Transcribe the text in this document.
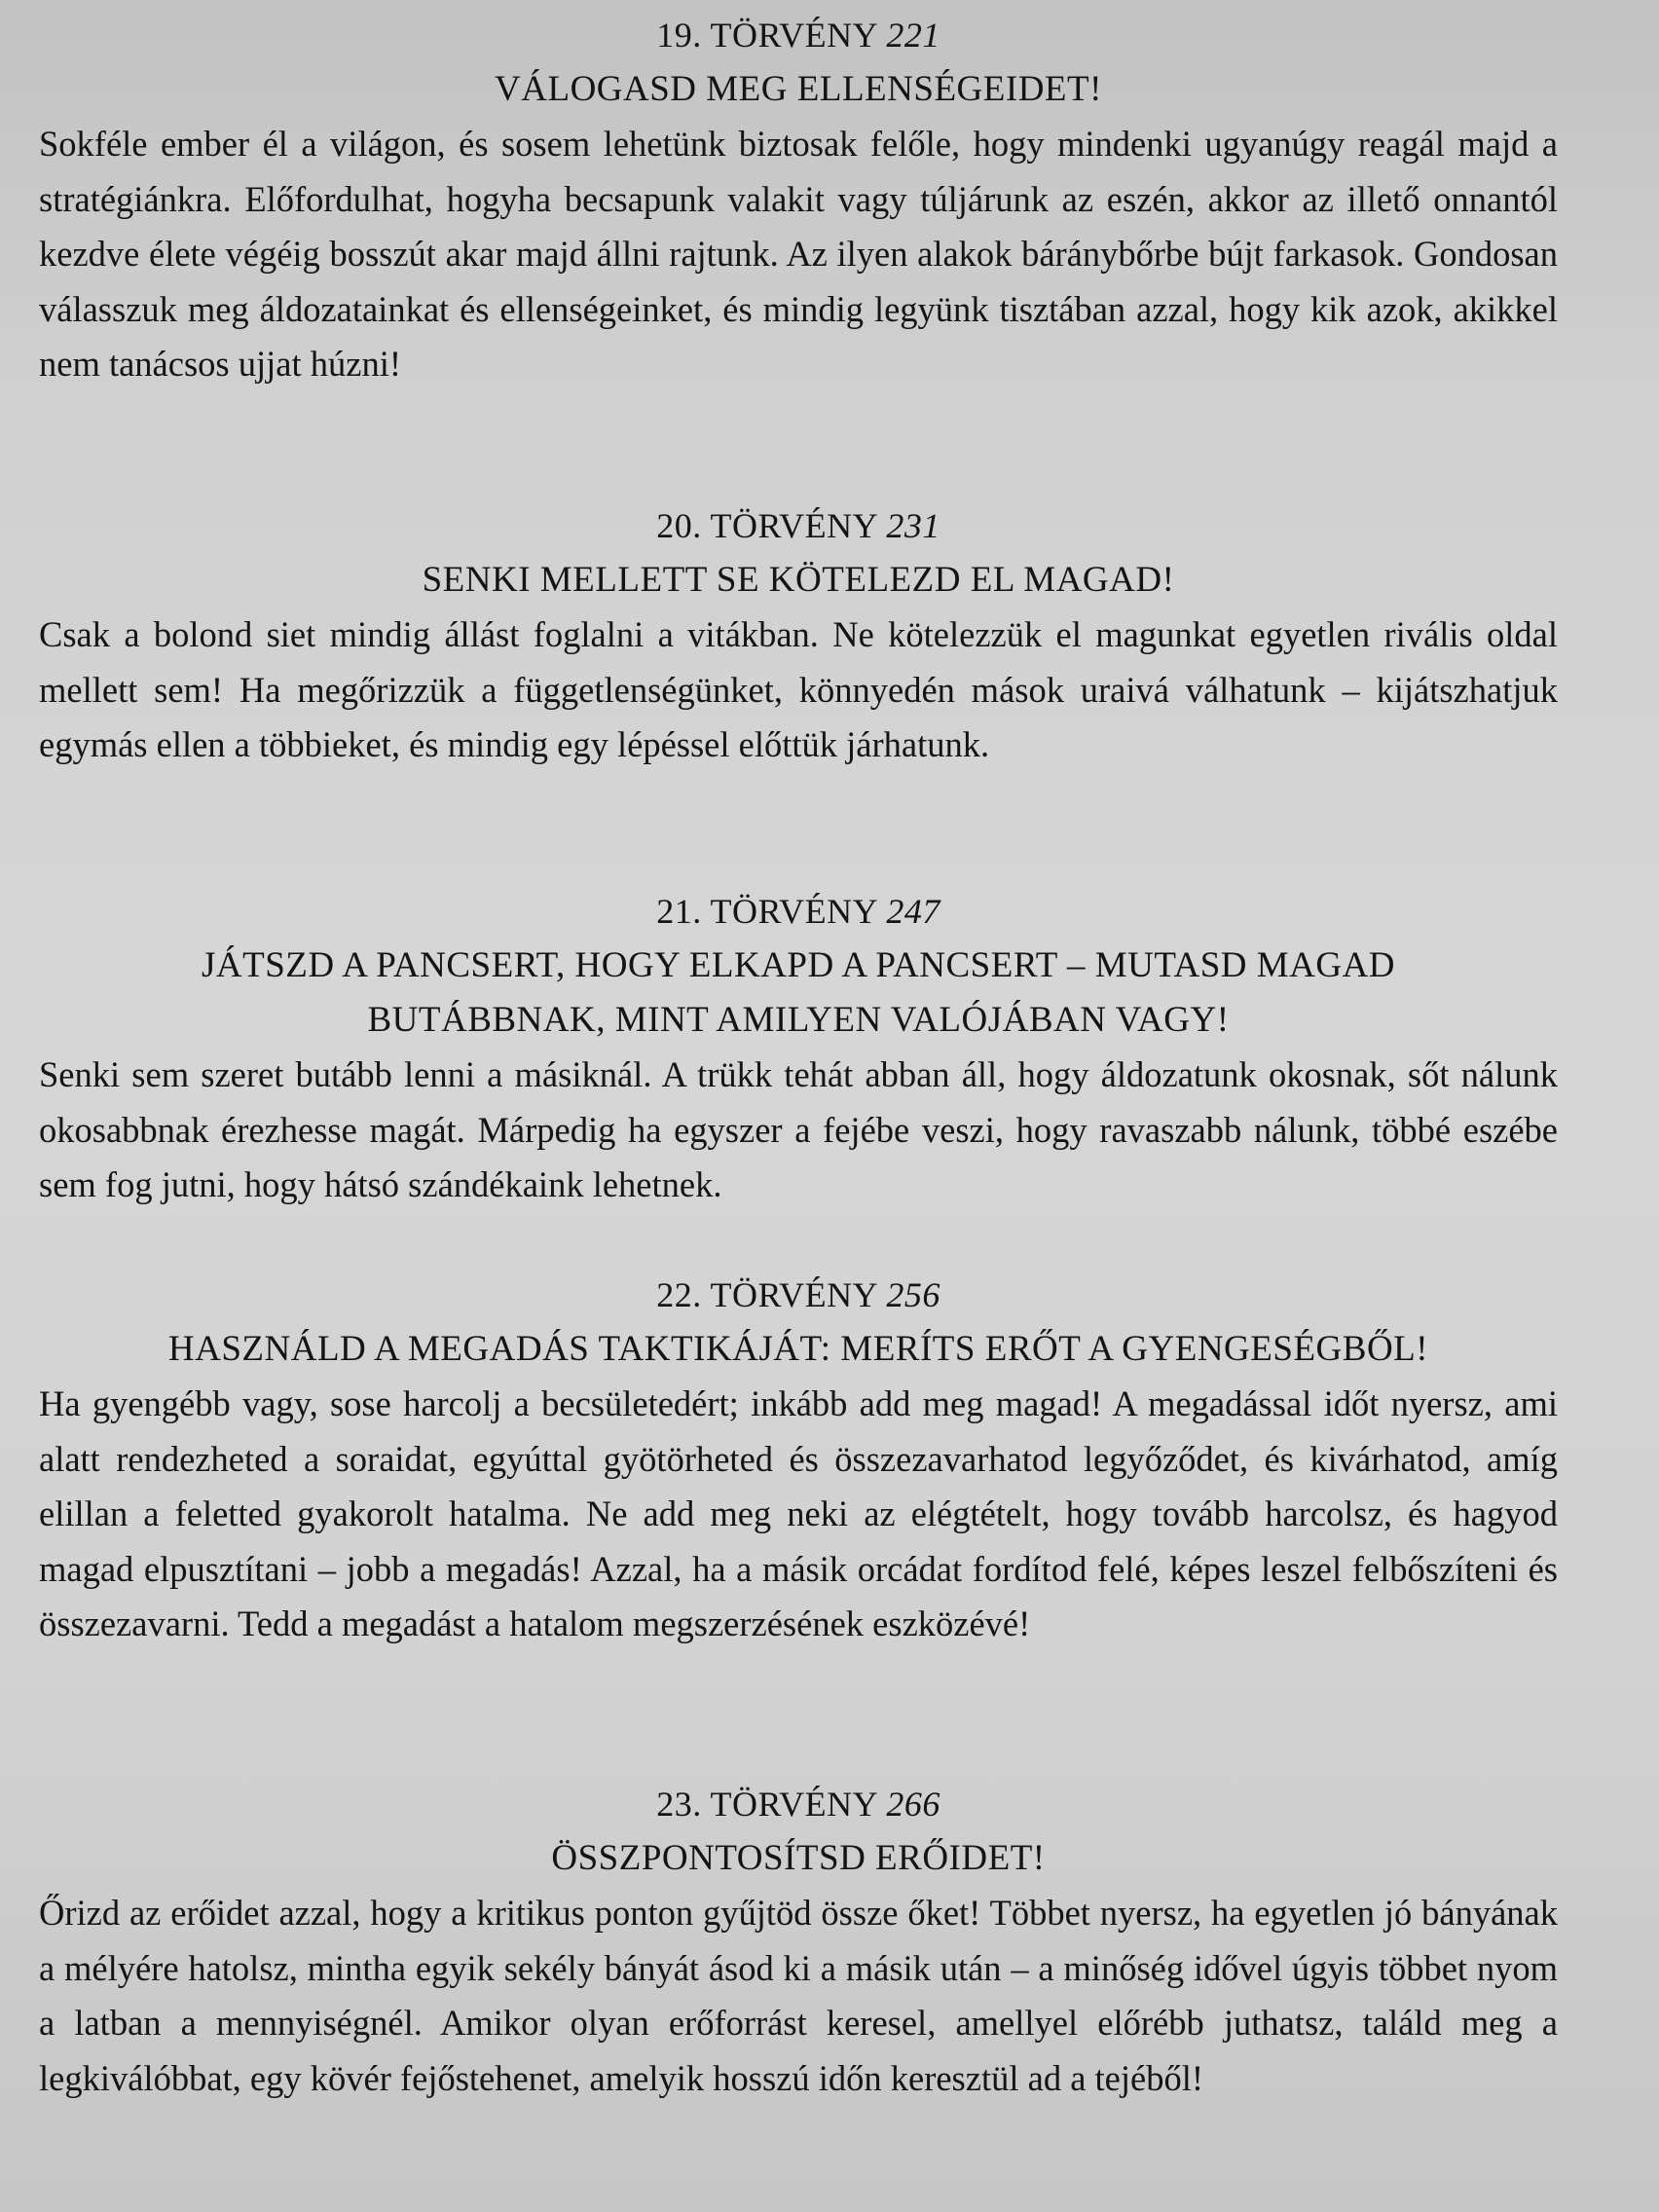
19. TÖRVÉNY 221

VÁLOGASD MEG ELLENSÉGEIDET!

Sokféle ember él a világon, és sosem lehetünk biztosak felőle, hogy mindenki ugyanúgy reagál majd a stratégiánkra. Előfordulhat, hogyha becsapunk valakit vagy túljárunk az eszén, akkor az illető onnantól kezdve élete végéig bosszút akar majd állni rajtunk. Az ilyen alakok báránybőrbe bújt farkasok. Gondosan válasszuk meg áldozatainkat és ellenségeinket, és mindig legyünk tisztában azzal, hogy kik azok, akikkel nem tanácsos ujjat húzni!

20. TÖRVÉNY 231

SENKI MELLETT SE KÖTELEZD EL MAGAD!

Csak a bolond siet mindig állást foglalni a vitákban. Ne kötelezzük el magunkat egyetlen rivális oldal mellett sem! Ha megőrizzük a függetlenségünket, könnyedén mások uraivá válhatunk – kijátszhatjuk egymás ellen a többieket, és mindig egy lépéssel előttük járhatunk.

21. TÖRVÉNY 247

JÁTSZD A PANCSERT, HOGY ELKAPD A PANCSERT – MUTASD MAGAD BUTÁBBNAK, MINT AMILYEN VALÓJÁBAN VAGY!

Senki sem szeret butább lenni a másiknál. A trükk tehát abban áll, hogy áldozatunk okosnak, sőt nálunk okosabbnak érezhesse magát. Márpedig ha egyszer a fejébe veszi, hogy ravaszabb nálunk, többé eszébe sem fog jutni, hogy hátsó szándékaink lehetnek.

22. TÖRVÉNY 256

HASZNÁLD A MEGADÁS TAKTIKÁJÁT: MERÍTS ERŐT A GYENGESÉGBŐL!

Ha gyengébb vagy, sose harcolj a becsületedért; inkább add meg magad! A megadással időt nyersz, ami alatt rendezheted a soraidat, egyúttal gyötörheted és összezavarhatod legyőződet, és kivárhatod, amíg elillan a feletted gyakorolt hatalma. Ne add meg neki az elégtételt, hogy tovább harcolsz, és hagyod magad elpusztítani – jobb a megadás! Azzal, ha a másik orcádat fordítod felé, képes leszel felbőszíteni és összezavarni. Tedd a megadást a hatalom megszerzésének eszközévé!

23. TÖRVÉNY 266

ÖSSZPONTOSÍTSD ERŐIDET!

Őrizd az erőidet azzal, hogy a kritikus ponton gyűjtöd össze őket! Többet nyersz, ha egyetlen jó bányának a mélyére hatolsz, mintha egyik sekély bányát ásod ki a másik után – a minőség idővel úgyis többet nyom a latban a mennyiségnél. Amikor olyan erőforrást keresel, amellyel előrébb juthatsz, találd meg a legkiválóbbat, egy kövér fejőstehenet, amelyik hosszú időn keresztül ad a tejéből!
